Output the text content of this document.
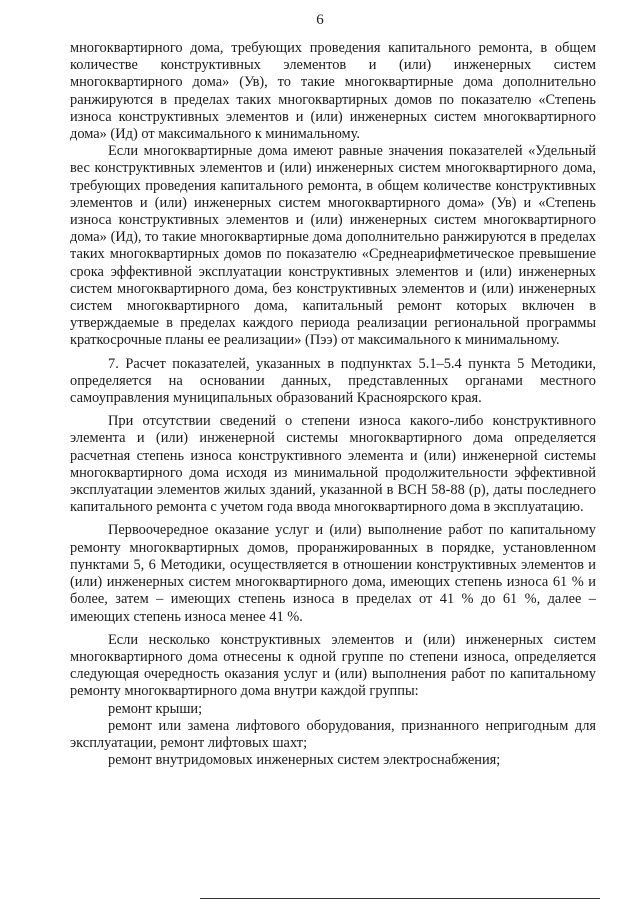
6

многоквартирного дома, требующих проведения капитального ремонта, в общем количестве конструктивных элементов и (или) инженерных систем многоквартирного дома» (Ув), то такие многоквартирные дома дополнительно ранжируются в пределах таких многоквартирных домов по показателю «Степень износа конструктивных элементов и (или) инженерных систем многоквартирного дома» (Ид) от максимального к минимальному.

Если многоквартирные дома имеют равные значения показателей «Удельный вес конструктивных элементов и (или) инженерных систем многоквартирного дома, требующих проведения капитального ремонта, в общем количестве конструктивных элементов и (или) инженерных систем многоквартирного дома» (Ув) и «Степень износа конструктивных элементов и (или) инженерных систем многоквартирного дома» (Ид), то такие многоквартирные дома дополнительно ранжируются в пределах таких многоквартирных домов по показателю «Среднеарифметическое превышение срока эффективной эксплуатации конструктивных элементов и (или) инженерных систем многоквартирного дома, без конструктивных элементов и (или) инженерных систем многоквартирного дома, капитальный ремонт которых включен в утверждаемые в пределах каждого периода реализации региональной программы краткосрочные планы ее реализации» (Пээ) от максимального к минимальному.

7. Расчет показателей, указанных в подпунктах 5.1–5.4 пункта 5 Методики, определяется на основании данных, представленных органами местного самоуправления муниципальных образований Красноярского края.

При отсутствии сведений о степени износа какого-либо конструктивного элемента и (или) инженерной системы многоквартирного дома определяется расчетная степень износа конструктивного элемента и (или) инженерной системы многоквартирного дома исходя из минимальной продолжительности эффективной эксплуатации элементов жилых зданий, указанной в ВСН 58-88 (р), даты последнего капитального ремонта с учетом года ввода многоквартирного дома в эксплуатацию.

Первоочередное оказание услуг и (или) выполнение работ по капитальному ремонту многоквартирных домов, проранжированных в порядке, установленном пунктами 5, 6 Методики, осуществляется в отношении конструктивных элементов и (или) инженерных систем многоквартирного дома, имеющих степень износа 61 % и более, затем – имеющих степень износа в пределах от 41 % до 61 %, далее – имеющих степень износа менее 41 %.

Если несколько конструктивных элементов и (или) инженерных систем многоквартирного дома отнесены к одной группе по степени износа, определяется следующая очередность оказания услуг и (или) выполнения работ по капитальному ремонту многоквартирного дома внутри каждой группы:

ремонт крыши;

ремонт или замена лифтового оборудования, признанного непригодным для эксплуатации, ремонт лифтовых шахт;

ремонт внутридомовых инженерных систем электроснабжения;
